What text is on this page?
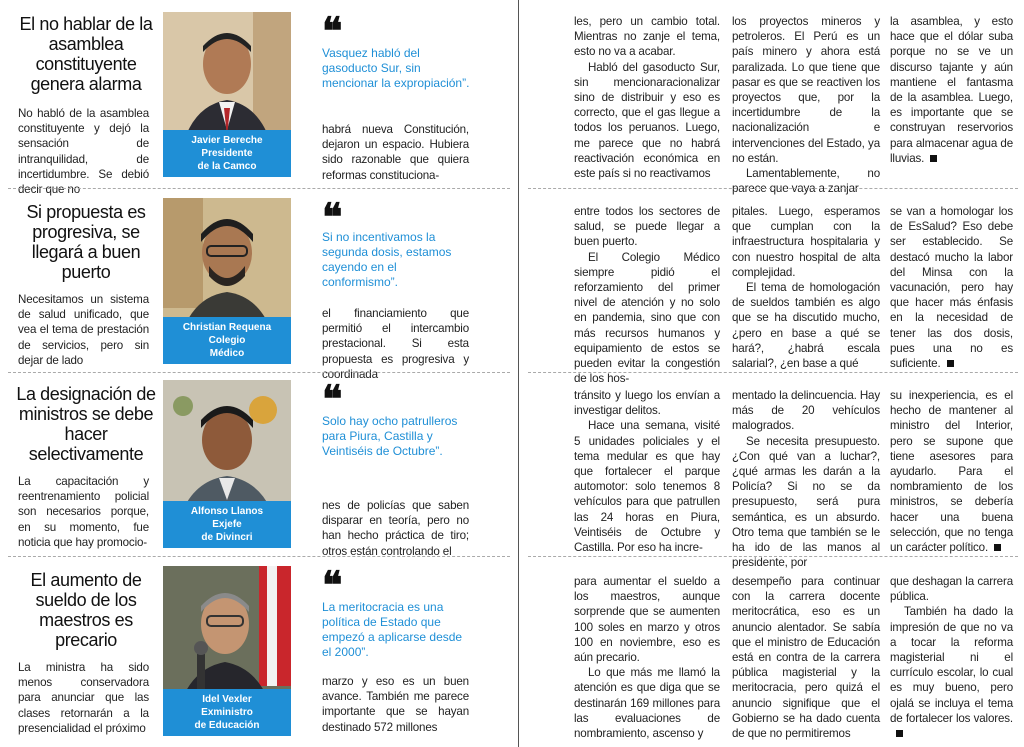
El no hablar de la asamblea constituyente genera alarma

No habló de la asamblea constituyente y dejó la sensación de intranquilidad, de incertidumbre. Se debió decir que no

Javier Bereche
Presidente
de la Camco
❝
Vasquez habló del gasoducto Sur, sin mencionar la expropiación”.

habrá nueva Constitución, dejaron un espacio. Hubiera sido razonable que quiera reformas constituciona-

les, pero un cambio total. Mientras no zanje el tema, esto no va a acabar.

Habló del gasoducto Sur, sin mencionaracionalizar sino de distribuir y eso es correcto, que el gas llegue a todos los peruanos. Luego, me parece que no habrá reactivación económica en este país si no reactivamos

los proyectos mineros y petroleros. El Perú es un país minero y ahora está paralizada. Lo que tiene que pasar es que se reactiven los proyectos que, por la incertidumbre de la nacionalización e intervenciones del Estado, ya no están.

Lamentablemente, no parece que vaya a zanjar

la asamblea, y esto hace que el dólar suba porque no se ve un discurso tajante y aún mantiene el fantasma de la asamblea. Luego, es importante que se construyan reservorios para almacenar agua de lluvias.

Si propuesta es progresiva, se llegará a buen puerto

Necesitamos un sistema de salud unificado, que vea el tema de prestación de servicios, pero sin dejar de lado

Christian Requena
Colegio
Médico
❝
Si no incentivamos la segunda dosis, estamos cayendo en el conformismo”.

el financiamiento que permitió el intercambio prestacional. Si esta propuesta es progresiva y coordinada

entre todos los sectores de salud, se puede llegar a buen puerto.

El Colegio Médico siempre pidió el reforzamiento del primer nivel de atención y no solo en pandemia, sino que con más recursos humanos y equipamiento de estos se pueden evitar la congestión de los hos-

pitales. Luego, esperamos que cumplan con la infraestructura hospitalaria y con nuestro hospital de alta complejidad.

El tema de homologación de sueldos también es algo que se ha discutido mucho, ¿pero en base a qué se hará?, ¿habrá escala salarial?, ¿en base a qué

se van a homologar los de EsSalud? Eso debe ser establecido. Se destacó mucho la labor del Minsa con la vacunación, pero hay que hacer más énfasis en la necesidad de tener las dos dosis, pues una no es suficiente.

La designación de ministros se debe hacer selectivamente

La capacitación y reentrenamiento policial son necesarios porque, en su momento, fue noticia que hay promocio-

Alfonso Llanos
Exjefe
de Divincri
❝
Solo hay ocho patrulleros para Piura, Castilla y Veintiséis de Octubre”.

nes de policías que saben disparar en teoría, pero no han hecho práctica de tiro; otros están controlando el

tránsito y luego los envían a investigar delitos.

Hace una semana, visité 5 unidades policiales y el tema medular es que hay que fortalecer el parque automotor: solo tenemos 8 vehículos para que patrullen las 24 horas en Piura, Veintiséis de Octubre y Castilla. Por eso ha incre-

mentado la delincuencia. Hay más de 20 vehículos malogrados.

Se necesita presupuesto. ¿Con qué van a luchar?, ¿qué armas les darán a la Policía? Si no se da presupuesto, será pura semántica, es un absurdo. Otro tema que también se le ha ido de las manos al presidente, por

su inexperiencia, es el hecho de mantener al ministro del Interior, pero se supone que tiene asesores para ayudarlo. Para el nombramiento de los ministros, se debería hacer una buena selección, que no tenga un carácter político.

El aumento de sueldo de los maestros es precario

La ministra ha sido menos conservadora para anunciar que las clases retornarán a la presencialidad el próximo

Idel Vexler
Exministro
de Educación
❝
La meritocracia es una política de Estado que empezó a aplicarse desde el 2000”.

marzo y eso es un buen avance. También me parece importante que se hayan destinado 572 millones

para aumentar el sueldo a los maestros, aunque sorprende que se aumenten 100 soles en marzo y otros 100 en noviembre, eso es aún precario.

Lo que más me llamó la atención es que diga que se destinarán 169 millones para las evaluaciones de nombramiento, ascenso y

desempeño para continuar con la carrera docente meritocrática, eso es un anuncio alentador. Se sabía que el ministro de Educación está en contra de la carrera pública magisterial y la meritocracia, pero quizá el anuncio signifique que el Gobierno se ha dado cuenta de que no permitiremos

que deshagan la carrera pública.

También ha dado la impresión de que no va a tocar la reforma magisterial ni el currículo escolar, lo cual es muy bueno, pero ojalá se incluya el tema de fortalecer los valores.
